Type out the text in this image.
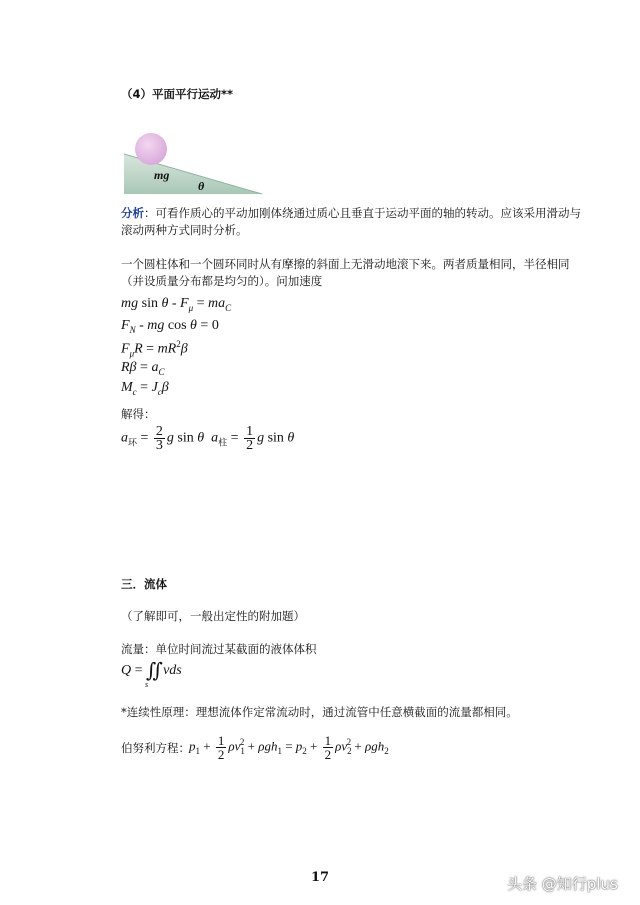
（4）平面平行运动**
mg
θ
分析：可看作质心的平动加刚体绕通过质心且垂直于运动平面的轴的转动。应该采用滑动与滚动两种方式同时分析。
一个圆柱体和一个圆环同时从有摩擦的斜面上无滑动地滚下来。两者质量相同，半径相同（并设质量分布都是均匀的）。问加速度
mg $\sin \theta - F_\mu = ma_C$
$F_N$ - mg cos θ = 0
$F_\mu R = mR^2\beta$
$R\beta = a_C$
$M_c = J_c\beta$
解得：
$a_环 = \frac{2}{3}$ g sin θ  $a_柱 = \frac{1}{2}$ g sin θ
三．流体
（了解即可，一般出定性的附加题）
流量：单位时间流过某截面的液体体积
Q = ∬vds
s
*连续性原理：理想流体作定常流动时，通过流管中任意横截面的流量都相同。
伯努利方程： $p_1 + \frac{1}{2} \rho v_1^2 + \rho gh_1 = p_2 + \frac{1}{2} \rho v_2^2 + \rho gh_2$
17	头条 @知行plus
